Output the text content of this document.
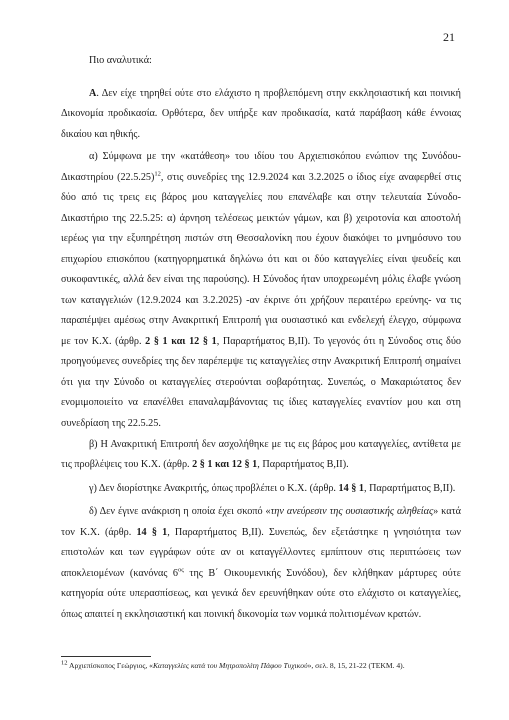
21

Πιο αναλυτικά:

Α. Δεν είχε τηρηθεί ούτε στο ελάχιστο η προβλεπόμενη στην εκκλησιαστική και ποινική Δικονομία προδικασία. Ορθότερα, δεν υπήρξε καν προδικασία, κατά παράβαση κάθε έννοιας δικαίου και ηθικής.

α) Σύμφωνα με την «κατάθεση» του ιδίου του Αρχιεπισκόπου ενώπιον της Συνόδου-Δικαστηρίου $(22.5.25)^{12}$, στις συνεδρίες της 12.9.2024 και 3.2.2025 ο ίδιος είχε αναφερθεί στις δύο από τις τρεις εις βάρος μου καταγγελίες που επανέλαβε και στην τελευταία Σύνοδο-Δικαστήριο της 22.5.25: α) άρνηση τελέσεως μεικτών γάμων, και β) χειροτονία και αποστολή ιερέως για την εξυπηρέτηση πιστών στη Θεσσαλονίκη που έχουν διακόψει το μνημόσυνο του επιχωρίου επισκόπου (κατηγορηματικά δηλώνω ότι και οι δύο καταγγελίες είναι ψευδείς και συκοφαντικές, αλλά δεν είναι της παρούσης). Η Σύνοδος ήταν υποχρεωμένη μόλις έλαβε γνώση των καταγγελιών (12.9.2024 και 3.2.2025) -αν έκρινε ότι χρήζουν περαιτέρω ερεύνης- να τις παραπέμψει αμέσως στην Ανακριτική Επιτροπή για ουσιαστικό και ενδελεχή έλεγχο, σύμφωνα με τον Κ.Χ. (άρθρ. 2 § 1 και 12 § 1, Παραρτήματος Β,ΙΙ). Το γεγονός ότι η Σύνοδος στις δύο προηγούμενες συνεδρίες της δεν παρέπεμψε τις καταγγελίες στην Ανακριτική Επιτροπή σημαίνει ότι για την Σύνοδο οι καταγγελίες στερούνται σοβαρότητας. Συνεπώς, ο Μακαριώτατος δεν ενομιμοποιείτο να επανέλθει επαναλαμβάνοντας τις ίδιες καταγγελίες εναντίον μου και στη συνεδρίαση της 22.5.25.

β) Η Ανακριτική Επιτροπή δεν ασχολήθηκε με τις εις βάρος μου καταγγελίες, αντίθετα με τις προβλέψεις του Κ.Χ. (άρθρ. 2 § 1 και 12 § 1, Παραρτήματος Β,ΙΙ).

γ) Δεν διορίστηκε Ανακριτής, όπως προβλέπει ο Κ.Χ. (άρθρ. 14 § 1, Παραρτήματος Β,ΙΙ).

δ) Δεν έγινε ανάκριση η οποία έχει σκοπό «την ανεύρεσιν της ουσιαστικής αληθείας» κατά τον Κ.Χ. (άρθρ. 14 § 1, Παραρτήματος Β,ΙΙ). Συνεπώς, δεν εξετάστηκε η γνησιότητα των επιστολών και των εγγράφων ούτε αν οι καταγγέλλοντες εμπίπτουν στις περιπτώσεις των αποκλειομένων (κανόνας $6^{o\varsigma}$ της Β΄ Οικουμενικής Συνόδου), δεν κλήθηκαν μάρτυρες ούτε κατηγορία ούτε υπερασπίσεως, και γενικά δεν ερευνήθηκαν ούτε στο ελάχιστο οι καταγγελίες, όπως απαιτεί η εκκλησιαστική και ποινική δικονομία των νομικά πολιτισμένων κρατών.

$^{12}$ Αρχιεπίσκοπος Γεώργιος, «Καταγγελίες κατά του Μητροπολίτη Πάφου Τυχικού», σελ. 8, 15, 21-22 (ΤΕΚΜ. 4).
